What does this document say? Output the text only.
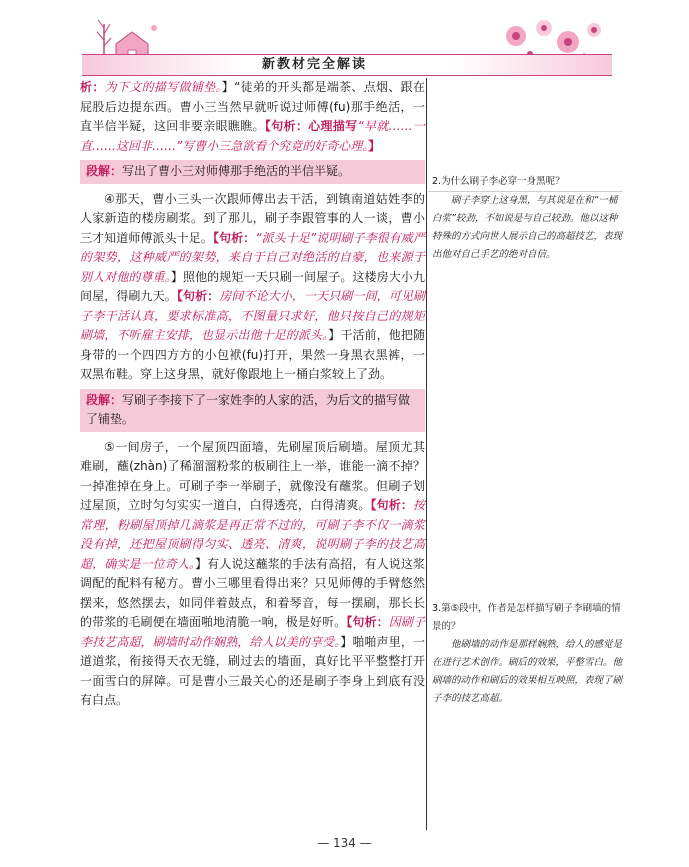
新教材完全解读
析：为下文的描写做铺垫。】“徒弟的开头都是端茶、点烟、跟在屁股后边提东西。曹小三当然早就听说过师傅(fu)那手绝活，一直半信半疑，这回非要亲眼瞧瞧。【句析：心理描写“早就……一直……这回非……”写曹小三急欲看个究竟的好奇心理。】
段解：写出了曹小三对师傅那手绝活的半信半疑。
④那天，曹小三头一次跟师傅出去干活，到镇南道姑姓李的人家新造的楼房刷浆。到了那儿，刷子李跟管事的人一谈，曹小三才知道师傅派头十足。【句析：“派头十足”说明刷子李很有威严的架势，这种威严的架势，来自于自己对绝活的自豪，也来源于别人对他的尊重。】照他的规矩一天只刷一间屋子。这楼房大小九间屋，得刷九天。【句析：房间不论大小，一天只刷一间，可见刷子李干活认真，要求标准高，不图量只求好，他只按自己的规矩刷墙，不听雇主安排，也显示出他十足的派头。】干活前，他把随身带的一个四四方方的小包袱(fu)打开，果然一身黑衣黑裤，一双黑布鞋。穿上这身黑，就好像跟地上一桶白浆较上了劲。
段解：写刷子李接下了一家姓李的人家的活，为后文的描写做了铺垫。
⑤一间房子，一个屋顶四面墙，先刷屋顶后刷墙。屋顶尤其难刷，蘸(zhàn)了稀溜溜粉浆的板刷往上一举，谁能一滴不掉？一掉准掉在身上。可刷子李一举刷子，就像没有蘸浆。但刷子划过屋顶，立时匀匀实实一道白，白得透亮，白得清爽。【句析：按常理，粉刷屋顶掉几滴浆是再正常不过的，可刷子李不仅一滴浆没有掉，还把屋顶刷得匀实、透亮、清爽，说明刷子李的技艺高超，确实是一位奇人。】有人说这蘸浆的手法有高招，有人说这浆调配的配料有秘方。曹小三哪里看得出来？只见师傅的手臂悠然摆来，悠然摆去，如同伴着鼓点，和着琴音，每一摆刷，那长长的带浆的毛刷便在墙面啪地清脆一响，极是好听。【句析：因刷子李技艺高超，刷墙时动作娴熟，给人以美的享受。】啪啪声里，一道道浆，衔接得天衣无缝，刷过去的墙面，真好比平平整整打开一面雪白的屏障。可是曹小三最关心的还是刷子李身上到底有没有白点。
2.为什么刷子李必穿一身黑呢？
刷子李穿上这身黑，与其说是在和“一桶白浆”较劲，不如说是与自己较劲。他以这种特殊的方式向世人展示自己的高超技艺，表现出他对自己手艺的绝对自信。
3.第⑤段中，作者是怎样描写刷子李刷墙的情景的？
他刷墙的动作是那样娴熟，给人的感觉是在进行艺术创作。刷后的效果，平整雪白。他刷墙的动作和刷后的效果相互映照，表现了刷子李的技艺高超。
— 134 —
